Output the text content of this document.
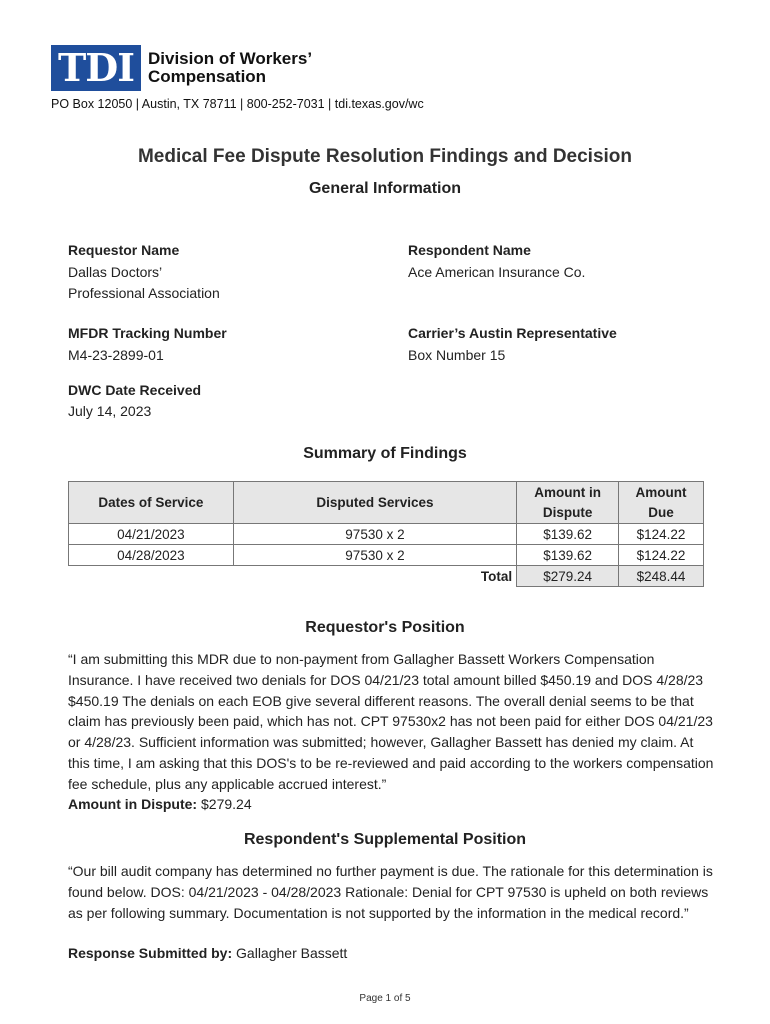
TDI Division of Workers’
Compensation
PO Box 12050 | Austin, TX 78711 | 800-252-7031 | tdi.texas.gov/wc
Medical Fee Dispute Resolution Findings and Decision
General Information
Requestor Name
Dallas Doctors’
Professional Association
Respondent Name
Ace American Insurance Co.
MFDR Tracking Number
M4-23-2899-01
Carrier’s Austin Representative
Box Number 15
DWC Date Received
July 14, 2023
Summary of Findings
Dates of Service	Disputed Services	Amount in Dispute	Amount Due
04/21/2023	97530 x 2	$139.62	$124.22
04/28/2023	97530 x 2	$139.62	$124.22
Total		$279.24	$248.44
Requestor's Position
“I am submitting this MDR due to non-payment from Gallagher Bassett Workers Compensation Insurance. I have received two denials for DOS 04/21/23 total amount billed $450.19 and DOS 4/28/23 $450.19 The denials on each EOB give several different reasons. The overall denial seems to be that claim has previously been paid, which has not. CPT 97530x2 has not been paid for either DOS 04/21/23 or 4/28/23. Sufficient information was submitted; however, Gallagher Bassett has denied my claim. At this time, I am asking that this DOS's to be re-reviewed and paid according to the workers compensation fee schedule, plus any applicable accrued interest.”
Amount in Dispute: $279.24
Respondent's Supplemental Position
“Our bill audit company has determined no further payment is due. The rationale for this determination is found below. DOS: 04/21/2023 - 04/28/2023 Rationale: Denial for CPT 97530 is upheld on both reviews as per following summary. Documentation is not supported by the information in the medical record.”
Response Submitted by: Gallagher Bassett
Page 1 of 5
